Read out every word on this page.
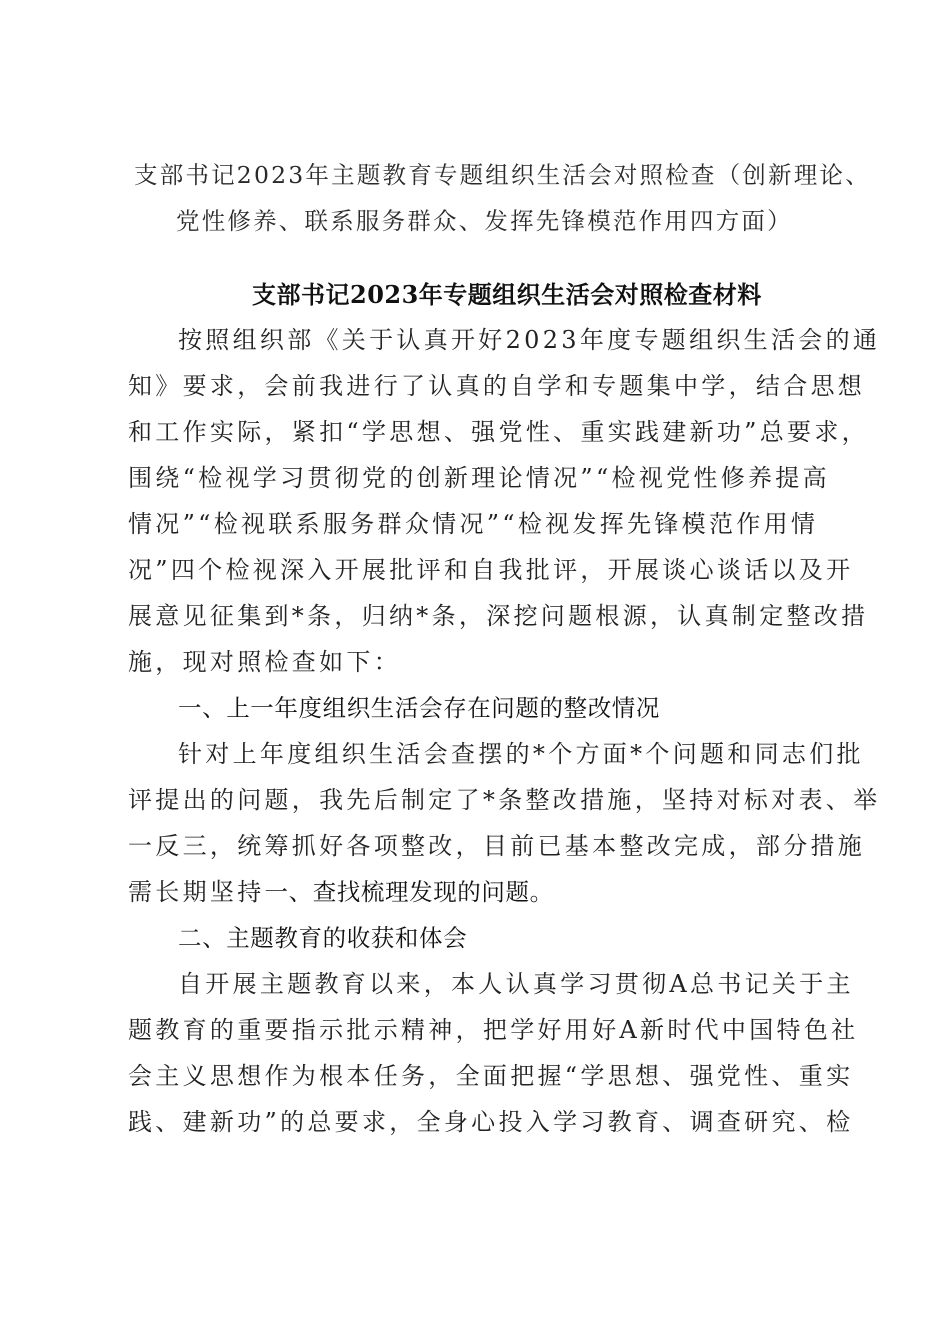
支部书记2023年主题教育专题组织生活会对照检查（创新理论、
党性修养、联系服务群众、发挥先锋模范作用四方面）
支部书记2023年专题组织生活会对照检查材料
按照组织部《关于认真开好2023年度专题组织生活会的通
知》要求，会前我进行了认真的自学和专题集中学，结合思想
和工作实际，紧扣“学思想、强党性、重实践建新功”总要求，
围绕“检视学习贯彻党的创新理论情况”“检视党性修养提高
情况”“检视联系服务群众情况”“检视发挥先锋模范作用情
况”四个检视深入开展批评和自我批评，开展谈心谈话以及开
展意见征集到*条，归纳*条，深挖问题根源，认真制定整改措
施，现对照检查如下：
一、上一年度组织生活会存在问题的整改情况
针对上年度组织生活会查摆的*个方面*个问题和同志们批
评提出的问题，我先后制定了*条整改措施，坚持对标对表、举
一反三，统筹抓好各项整改，目前已基本整改完成，部分措施
需长期坚持一、查找梳理发现的问题。
二、主题教育的收获和体会
自开展主题教育以来，本人认真学习贯彻A总书记关于主
题教育的重要指示批示精神，把学好用好A新时代中国特色社
会主义思想作为根本任务，全面把握“学思想、强党性、重实
践、建新功”的总要求，全身心投入学习教育、调查研究、检
